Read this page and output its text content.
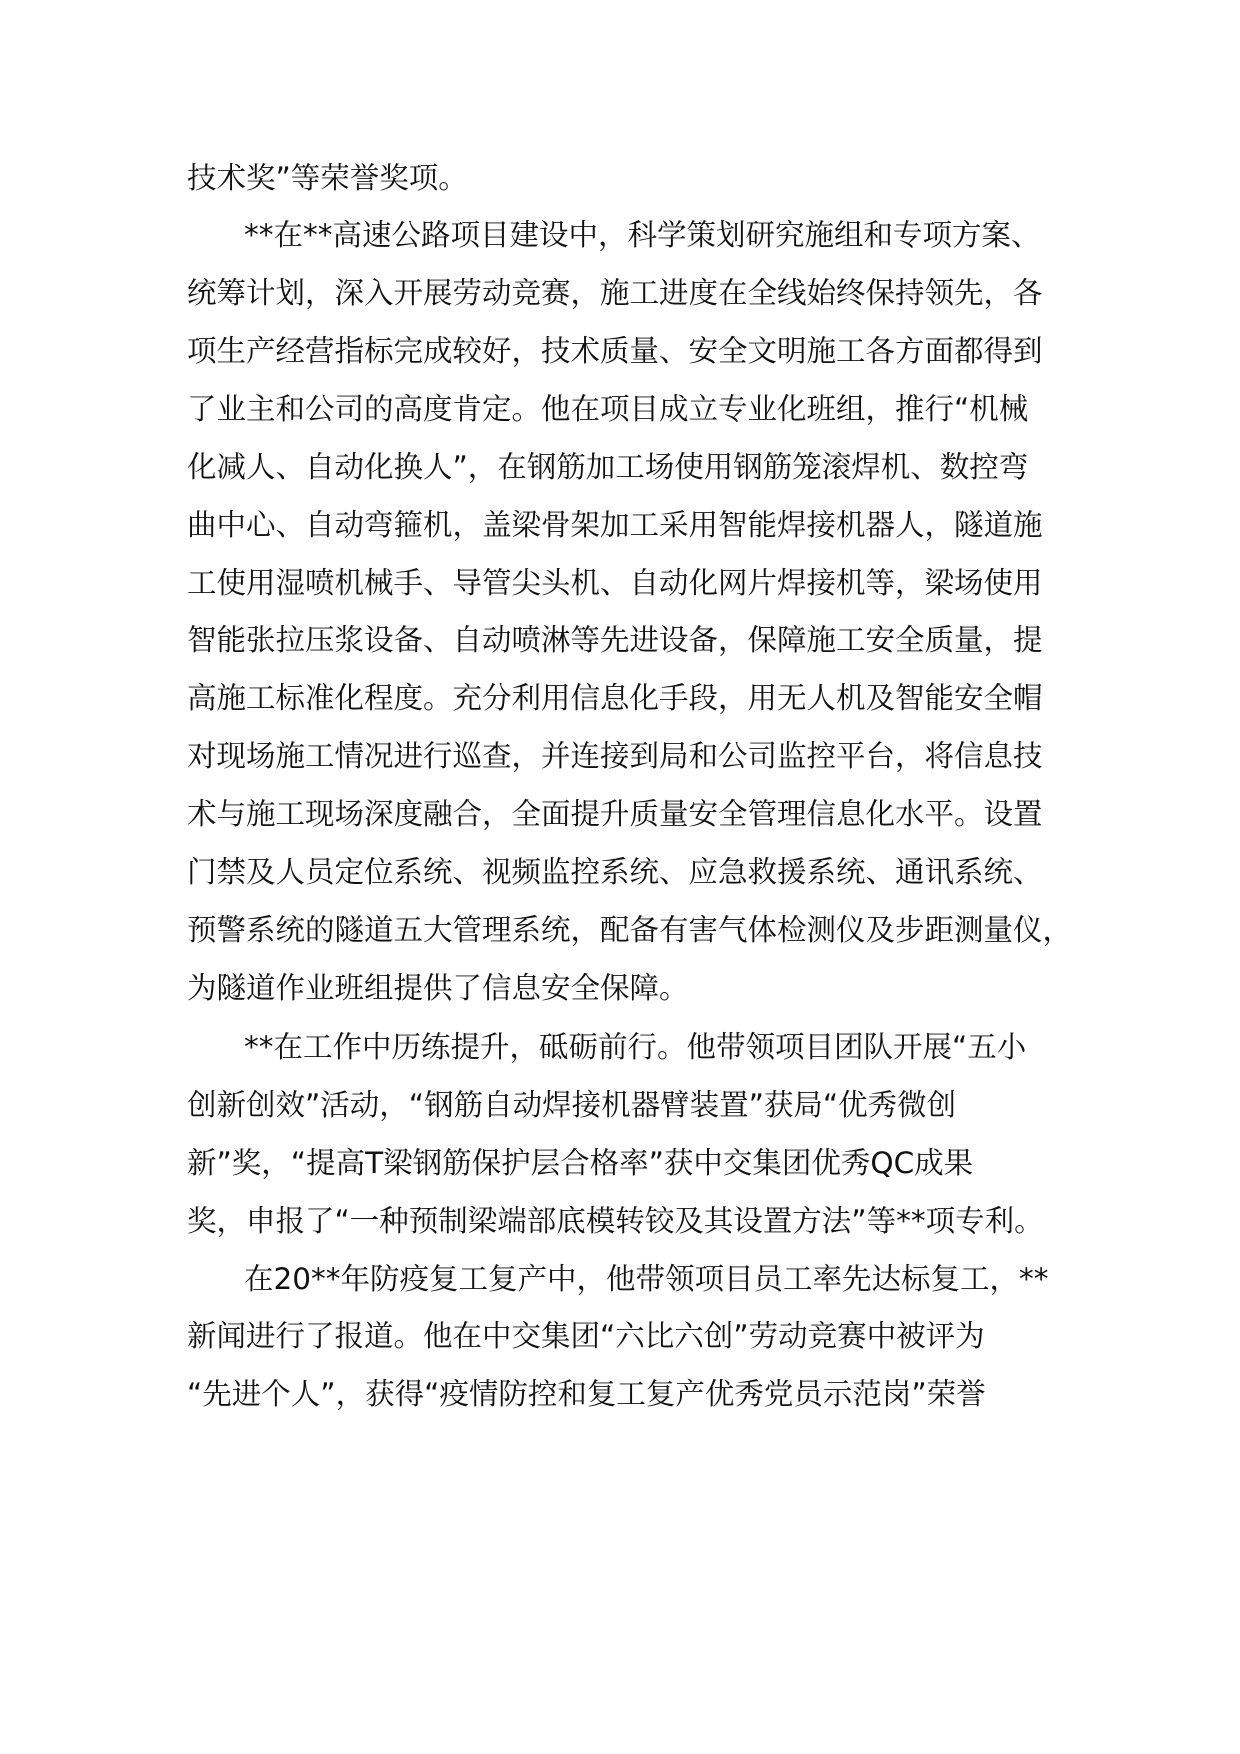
技术奖”等荣誉奖项。
**在**高速公路项目建设中，科学策划研究施组和专项方案、
统筹计划，深入开展劳动竞赛，施工进度在全线始终保持领先，各
项生产经营指标完成较好，技术质量、安全文明施工各方面都得到
了业主和公司的高度肯定。他在项目成立专业化班组，推行“机械
化减人、自动化换人”，在钢筋加工场使用钢筋笼滚焊机、数控弯
曲中心、自动弯箍机，盖梁骨架加工采用智能焊接机器人，隧道施
工使用湿喷机械手、导管尖头机、自动化网片焊接机等，梁场使用
智能张拉压浆设备、自动喷淋等先进设备，保障施工安全质量，提
高施工标准化程度。充分利用信息化手段，用无人机及智能安全帽
对现场施工情况进行巡查，并连接到局和公司监控平台，将信息技
术与施工现场深度融合，全面提升质量安全管理信息化水平。设置
门禁及人员定位系统、视频监控系统、应急救援系统、通讯系统、
预警系统的隧道五大管理系统，配备有害气体检测仪及步距测量仪，
为隧道作业班组提供了信息安全保障。
**在工作中历练提升，砥砺前行。他带领项目团队开展“五小
创新创效”活动，“钢筋自动焊接机器臂装置”获局“优秀微创
新”奖，“提高T梁钢筋保护层合格率”获中交集团优秀QC成果
奖，申报了“一种预制梁端部底模转铰及其设置方法”等**项专利。
在20**年防疫复工复产中，他带领项目员工率先达标复工，**
新闻进行了报道。他在中交集团“六比六创”劳动竞赛中被评为
“先进个人”，获得“疫情防控和复工复产优秀党员示范岗”荣誉
